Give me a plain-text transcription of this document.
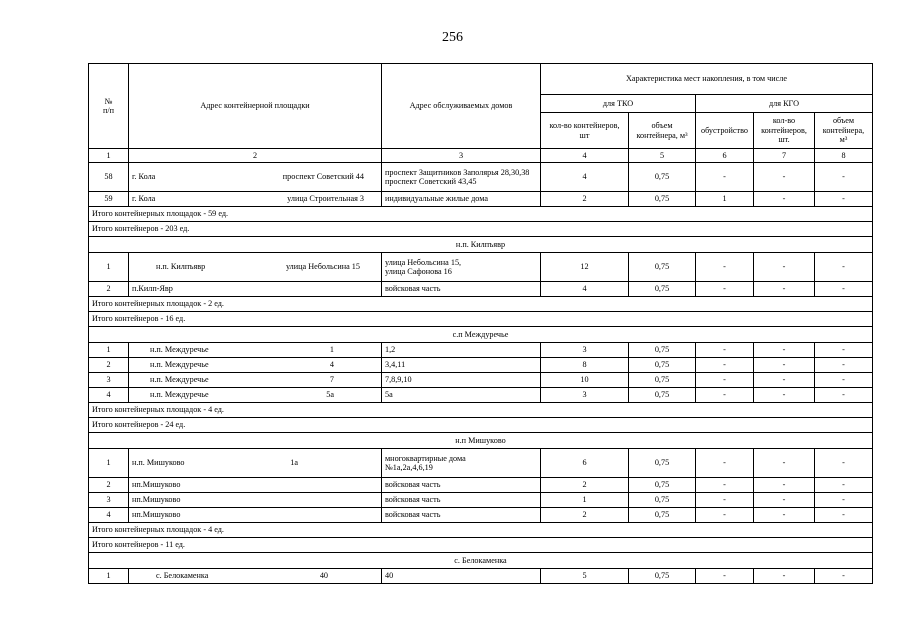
256
№
п/п	Адрес контейнерной площадки	Адрес обслуживаемых домов	Характеристика мест накопления, в том числе				
			для ТКО		для КГО		
			кол-во контейнеров, шт	объем контейнера, м³	обустройство	кол-во контейнеров, шт.	объем контейнера, м³
1	2	3	4	5	6	7	8
58	г. Кола проспект Советский 44	проспект Защитников Заполярья 28,30,38
проспект Советский 43,45	4	0,75	-	-	-
59	г. Кола улица Строительная 3	индивидуальные жилые дома	2	0,75	1	-	-
Итого контейнерных площадок - 59 ед.							
Итого контейнеров - 203 ед.							
н.п. Килпъявр							
1	н.п. Килпъявр улица Небольсина 15	улица Небольсина 15,
улица Сафонова 16	12	0,75	-	-	-
2	п.Килп-Явр	войсковая часть	4	0,75	-	-	-
Итого контейнерных площадок - 2 ед.							
Итого контейнеров - 16 ед.							
с.п Междуречье							
1	н.п. Междуречье 1	1,2	3	0,75	-	-	-
2	н.п. Междуречье 4	3,4,11	8	0,75	-	-	-
3	н.п. Междуречье 7	7,8,9,10	10	0,75	-	-	-
4	н.п. Междуречье 5а	5а	3	0,75	-	-	-
Итого контейнерных площадок - 4 ед.							
Итого контейнеров - 24 ед.							
н.п Мишуково							
1	н.п. Мишуково 1а	многоквартирные дома
№1а,2а,4,6,19	6	0,75	-	-	-
2	нп.Мишуково	войсковая часть	2	0,75	-	-	-
3	нп.Мишуково	войсковая часть	1	0,75	-	-	-
4	нп.Мишуково	войсковая часть	2	0,75	-	-	-
Итого контейнерных площадок - 4 ед.							
Итого контейнеров - 11 ед.							
с. Белокаменка							
1	с. Белокаменка 40	40	5	0,75	-	-	-
